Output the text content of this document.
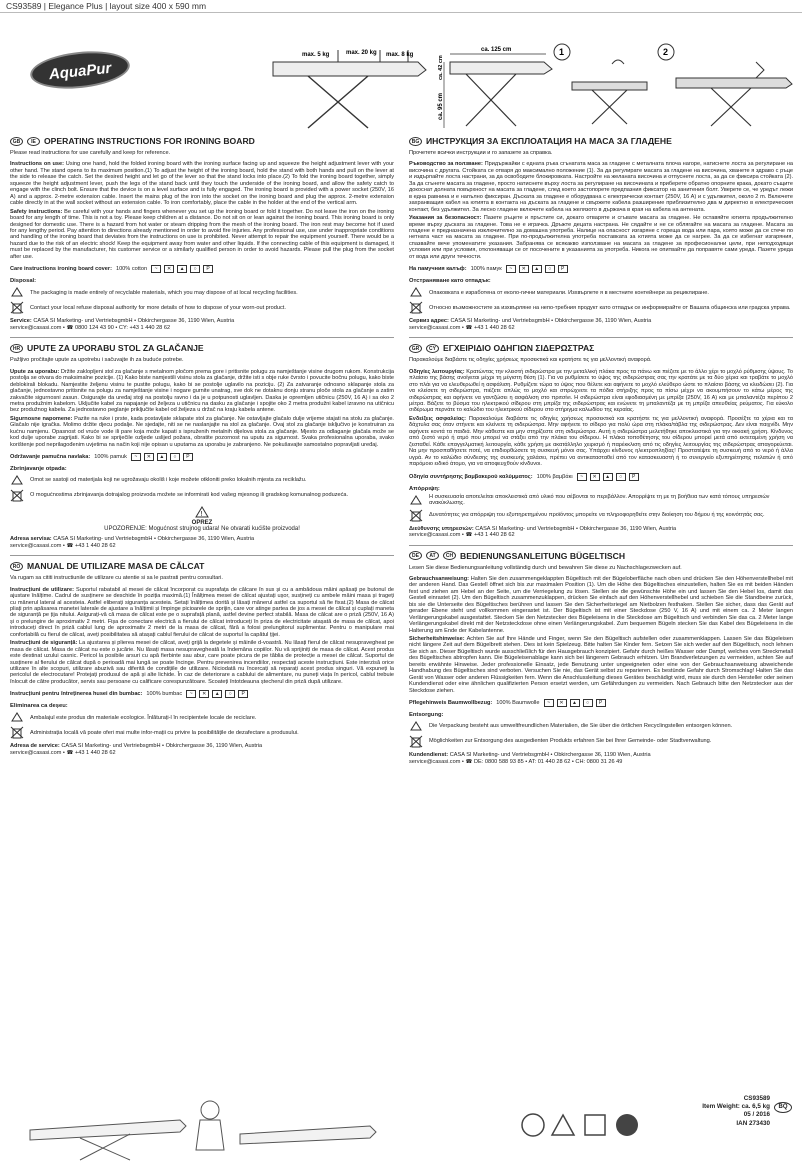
CS93589 | Elegance Plus | layout size 400 x 590 mm
AquaPur
max. 5 kg	max. 20 kg max. 8 kg
ca. 125 cm
ca. 42 cm
ca. 95 cm
1	2
GB	IE OPERATING INSTRUCTIONS FOR IRONING BOARD

Please read instructions for use carefully and keep for reference.

Instructions on use: Using one hand, hold the folded ironing board with the ironing surface facing up and squeeze the height adjustment lever with your other hand. The stand opens to its maximum position.(1) To adjust the height of the ironing board, hold the stand with both hands and pull on the lever at the side to release the catch. Set the desired height and let go of the lever so that the stand locks into place.(2) To fold the ironing board together, simply squeeze the height adjustment lever, push the legs of the stand back until they touch the underside of the ironing board, and allow the safety catch to engage with the clinch bolt. Ensure that the device is on a level surface and is fully engaged. The ironing board is provided with a power socket (250V, 16 A) and a approx. 2-metre extension cable. Insert the mains plug of the iron into the socket on the ironing board and plug the approx. 2-metre extension cable directly in at the wall socket without an extension cable. To iron comfortably, place the cable in the holder at the end of the vertical arm.

Safety instructions: Be careful with your hands and fingers whenever you set up the ironing board or fold it together. Do not leave the iron on the ironing board for any length of time. This is not a toy. Please keep children at a distance. Do not sit on or lean against the ironing board. This ironing board is only designed for domestic use. There is a hazard from hot water or steam dripping from the mesh of the ironing board. The iron rest may become hot if used for any lengthy period. Pay attention to directions already mentioned in order to avoid fire injuries. Any professional use, use under inappropriate conditions and handling of the ironing board that deviates from the instructions on use is prohibited. Never attempt to repair the equipment yourself. There would be a hazard due to the risk of an electric shock! Keep the equipment away from water and other liquids. If the connecting cable of this equipment is damaged, it must be replaced by the manufacturer, his customer service or a similarly qualified person in order to avoid hazards. Please pull the plug from the socket after use.

Care instructions ironing board cover: 100% cotton	~	✕	▲	○	P
Disposal:
The packaging is made entirely of recyclable materials, which you may dispose of at local recycling facilities.
Contact your local refuse disposal authority for more details of how to dispose of your worn-out product.
Service: CASA SI Marketing- und VertriebsgmbH • Obkirchergasse 36, 1190 Wien, Austria
service@casasi.com • ☎ 0800 124 43 90 • CY: +43 1 440 28 62
HR UPUTE ZA UPORABU STOL ZA GLAČANJE

Pažljivo pročitajte upute za upotrebu i sačuvajte ih za buduće potrebe.

Upute za uporabu: Držite zaklopljeni stol za glačanje s metalnom pločom prema gore i pritisnite polugu za namještanje visine drugom rukom. Konstrukcija postolja se otvara do maksimalne pozicije. (1) Kako biste namjestili visinu stola za glačanje, držite isti s obje ruke čvrsto i povucite bočnu polugu, kako biste deblokirali blokadu. Namjestite željenu visinu te pustite polugu, kako bi se postolje uglavilo na poziciju. (2) Za zatvaranje odnosno sklapanje stola za glačanje, jednostavno pritisnite na polugu za namještanje visine i nogare gurnite unatrag, sve dok ne dotaknu donju stranu ploče stola za glačanje a zatim zakvačite sigurnosni zasun. Osigurajte da uređaj stoji na postolju ravno i da je u potpunosti uglavljen. Daska je opremljen utičnicu (250V, 16 A) i sa oko 2 metra produžnim kabelom. Uključite kabel za napajanje od željeza u utičnicu na dasku za glačanje i spojite oko 2 metra produžni kabel izravno na utičnicu bez produžnog kabela. Za jednostavno peglanje priključite kabel od željeza u držač na kraju kabela antene.

Sigurnosne napomene: Pazite na ruke i prste, kada postavljate sklapate stol za glačanje. Ne ostavljajte glačalo dulje vrijeme stajati na stolu za glačanje. Glačalo nije igračka. Molimo držite djecu podalje. Ne sjedajte, niti se ne naslanjajte na stol za glačanje. Ovaj stol za glačanje isključivo je konstruiran za kućnu namjenu. Opasnost od vruće vode ili pare koja može kapati s ispruženih metalnih dijelova stola za glačanje. Mjesto za odlaganje glačala može se kod dulje uporabe zagrijati. Kako bi se spriječile ozljede uslijed požara, obratite pozornost na uputu za sigurnost. Svaka profesionalna uporaba, svako korištenje pod neprilagođenim uvjetima na način koji nije opisan u uputama za uporabu je zabranjeno. Ne pokušavajte samostalno popravljati uređaj.

Održavanje pamučna navlaka: 100% pamuk	~	✕	▲	○	P
Zbrinjavanje otpada:
Omot se sastoji od materijala koji ne ugrožavaju okoliš i koje možete otkloniti preko lokalnih mjesta za reciklažu.
O mogućnostima zbrinjavanja dotrajalog proizvoda možete se informirati kod vašeg mjesnog ili gradskog komunalnog poduzeća.
!
OPREZ
UPOZORENJE: Mogućnost strujnog udara! Ne otvarati kućište proizvoda!
Adresa servisa: CASA SI Marketing- und VertriebsgmbH • Obkirchergasse 36, 1190 Wien, Austria
service@casasi.com • ☎ +43 1 440 28 62
RO MANUAL DE UTILIZARE MASA DE CĂLCAT

Va rugam sa cititi instructiunile de utilizare cu atentie si sa le pastrati pentru consultari.

Instrucțiuni de utilizare: Suportul rabatabil al mesei de călcat încorporat cu suprafața de călcare în sus și cu a ambădoua mâini apăsați pe butonul de ajustare înălțime. Cadrul de susținere se deschide în poziția maximă.(1) Înălțimea mesei de călcat ajustați ușor, susțineți cu ambele mâini masa și trageți cu mânerul lateral al acesteia. Astfel eliberați siguranța acesteia. Setați înălțimea dorită și lăsați mânerul astfel ca suportul să fie fixat.(2) Masa de călcat pliați prin apăsarea manetei laterale de ajustare a înălțimii și împinge picioarele de sprijin, care vor atinge partea de jos a mesei de călcat și cuplați maneta de siguranță pe țija nitului. Asigurați-vă că masa de călcat este pe o suprafață plană, astfel devine perfect stabilă. Masa de călcat are o priză (250V, 16 A) și o prelungire de aproximativ 2 metri. Fișa de conectare electrică a fierului de călcat introduceți în priza de electricitate atașată de masa de călcat, apoi introduceți direct în priză cablul lung de aproximativ 2 metri de la masa de călcat, fără a folosi prelungitorul suplimentar. Pentru o manipulare mai confortabilă cu fierul de călcat, aveți posibilitatea să atașați cablul fierului de călcat de suportul la capătul țijei.

Instrucțiuni de siguranță: La ajustarea și plierea mesei de călcat, aveți grijă la degetele și mâinile d-voastră. Nu lăsați fierul de călcat nesupravegheat pe masa de călcat. Masa de călcat nu este o jucărie. Nu lăsați masa nesupravegheată la îndemâna copiilor. Nu vă sprijiniți de masa de călcat. Acest produs este destinat uzului casnic. Pericol la posibile arsuri cu apă fierbinte sau abur, care poate picura de pe tăblia de protecție a mesei de călcat. Suportul de susținere al fierului de călcat după o perioadă mai lungă se poate încinge. Pentru prevenirea incendiilor, respectați aceste instrucțiuni. Este interzisă orice utilizare în alte scopuri, utilizare abuzivă sau diferită de condițiile de utilizare. Niciodată nu încercați să reparați acest produs singuri. Vă expuneți la pericolul de electrocutare! Protejați produsul de apă și alte lichide. În caz de deteriorare a cablului de alimentare, nu puneți viața în pericol, cablul trebuie înlocuit de către producător, servis sau persoane cu calificare corespunzătoare. Scoateți întotdeauna ștecherul din priză după utilizare.

Instrucțiuni pentru întreținerea husei din bumbac: 100% bumbac	~	✕	▲	○	P
Eliminarea ca deșeu:
Ambalajul este produs din materiale ecologice. Înlăturați-l în recipientele locale de reciclare.
Administrația locală vă poate oferi mai multe infor-mații cu privire la posibilitățile de dezafectare a produsului.
Adresa de service: CASA SI Marketing- und VertriebsgmbH • Obkirchergasse 36, 1190 Wien, Austria
service@casasi.com • ☎ +43 1 440 28 62
BG ИНСТРУКЦИЯ ЗА ЕКСПЛОАТАЦИЯ НА МАСА ЗА ГЛАДЕНЕ

Прочетете всички инструкции и го запазете за справка.

Ръководство за ползване: Придържайки с едната ръка сгънатата маса за гладене с металната плоча нагоре, натиснете лоста за регулиране на височина с другата. Стойката се отваря до максимално положение (1). За да регулирате масата за гладене на височина, хванете я здраво с ръце и издърпайте лоста настрани, за да освободите блокировката. Настройте на желаната височина и отпуснете лоста, за да се фиксира стойката (2). За да сгънете масата за гладене, просто натиснете върху лоста за регулиране на височината и приберете обратно опорните крака, докато същите докоснат долната повърхност на масата за гладене, след което застопорете предпазния фиксатор на занитения болт. Уверете се, че уредът лежи в една равнина и е напълно фиксиран. Дъската за гладене е оборудвана с електрически контакт (250V, 16 A) и с удължител, около 2 m. Включете захранващия кабел на ютията в контакта на дъската за гладене и свържете кабела разширение приблизително два м директно в електрическия контакт, без удължител. За лесно гладене включете кабела на желязото в държача в края на кабела на антената.

Указания за безопасност: Пазете ръцете и пръстите си, докато отваряте и сгъвате масата за гладене. Не оставяйте ютията продължително време върху дъската за гладене. Това не е играчка. Дръжте децата настрана. Не сядайте и не се облягайте на масата за гладене. Масата за гладене е предназначена изключително за домашна употреба. Налице на опасност изгаряне с гореща вода или пара, която може да се стече по нетната част на масата за гладене. При по-продължителна употреба поставката за ютията може да се нагрее. За да се избегнат изгаряния, спазвайте вече упоменатите указания. Забранява се всякакво използване на масата за гладене за професионални цели, при неподходящи условия или при условия, отклоняващи се от посочените в указанията за употреба. Никога не опитвайте да поправяте сами уреда. Пазете уреда от вода или други течности.

На памучния калъф: 100% памук	~	✕	▲	○	P
Отстраняване като отпадък:
Опаковката е изработена от еколо-гични материали. Изхвърлете я в местните контейнери за рециклиране.
Относно възможностите за изхвърляне на непо-требния продукт като отпадък се информирайте от Вашата общинска или градска управа.
Сервиз адрес: CASA SI Marketing- und VertriebsgmbH • Obkirchergasse 36, 1190 Wien, Austria
service@casasi.com • ☎ +43 1 440 28 62
GR	CY ΕΓΧΕΙΡΙΔΙΟ ΟΔΗΓΙΩΝ ΣΙΔΕΡΩΣΤΡΑΣ

Παρακαλούμε διαβάστε τις οδηγίες χρήσεως προσεκτικά και κρατήστε τις για μελλοντική αναφορά.

Οδηγίες λειτουργίας: Κρατώντας την κλειστή σιδερώστρα με την μεταλλική πλάκα προς τα πάνω και πιέζετε με το άλλο χέρι το μοχλό ρύθμισης ύψους. Το πλαίσιο της βάσης ανοίγεται μέχρι τη μέγιστη θέση (1). Για να ρυθμίσετε το ύψος της σιδερώστρας σας την κρατάτε με τα δύο χέρια και τραβάτε το μοχλό στο πλάι για να ελευθερωθεί η ασφάλιση. Ρυθμίζετε τώρα το ύψος που θέλετε και αφήνετε το μοχλό ελεύθερο ώστε το πλαίσιο βάσης να κλειδώσει (2). Για να κλείσετε τη σιδερώστρα, πιέζετε απλώς το μοχλό και σπρώχνετε τα πόδια στήριξης προς τα πίσω μέχρι να ακουμπήσουν το κάτω μέρος της σιδερώστρας και αφήνετε να γαντζώσει η ασφάλιση στο πριτσίνι. Η σιδερώστρα είναι εφοδιασμένη με μπρίζα (250V, 16 A) και με μπαλαντέζα περίπου 2 μέτρα. Βάζετε το βύσμα του ηλεκτρικού σίδερου στη μπρίζα της σιδερώστρας και ενώνετε τη μπαλαντέζα με τη μπρίζα απευθείας ρεύματος. Για εύκολο σιδέρωμα περνάτε το καλώδιο του ηλεκτρικού σίδερου στο στήριγμα καλωδίου της κεραίας.

Ενδείξεις ασφαλείας: Παρακαλούμε διαβάστε τις οδηγίες χρήσεως προσεκτικά και κρατήστε τις για μελλοντική αναφορά. Προσέξτε τα χέρια και τα δάχτυλα σας όταν στήνετε και κλείνετε τη σιδερώστρα. Μην αφήνετε το σίδερο για πολύ ώρα στη πλάκα/τάβλα της σιδερώστρας. Δεν είναι παιχνίδι. Μην αφήνετε κοντά τα παιδιά. Μην κάθεστε και μην στηρίζεστε στη σιδερώστρα. Αυτή η σιδερώστρα μελετήθηκε αποκλειστικά για την οικιακή χρήση. Κίνδυνος από ζεστό νερό ή ατμό που μπορεί να στάξει από την πλάκα του σίδερου. Η πλάκα τοποθέτησης του σίδερου μπορεί μετά από εκτεταμένη χρήση να ζεσταθεί. Κάθε επαγγελματική λειτουργία, κάθε χρήση με ακατάλληλο χειρισμό ή παρέκκλιση από τις οδηγίες λειτουργίας της σιδερώστρας απαγορεύεται. Να μην προσπαθήσετε ποτέ, να επιδιορθώσετε τη συσκευή μόνοι σας. Υπάρχει κίνδυνος ηλεκτροπληξίας! Προστατέψτε τη συσκευή από το νερό ή άλλα υγρά. Αν το καλώδιο σύνδεσης της συσκευής χαλάσει, πρέπει να αντικατασταθεί από τον κατασκευαστή ή το συνεργείο εξυπηρέτησης πελατών ή από παρόμοιο ειδικό άτομο, για να αποφευχθούν κίνδυνοι.

Οδηγία συντήρησης βαμβακερού καλύμματος: 100% βαμβάκι	~	✕	▲	○	P
Απόρριψη:
Η συσκευασία αποτελείται αποκλειστικά από υλικό που σέβονται το περιβάλλον. Απορρίψτε τη με τη βοήθεια των κατά τόπους υπηρεσιών ανακύκλωσης.
Δυνατότητες για απόρριψη του εξυπηρετημένου προϊόντος μπορείτε να πληροφορηθείτε στην διοίκηση του δήμου ή της κοινότητάς σας.
Διεύθυνσης υπηρεσιών: CASA SI Marketing- und VertriebsgmbH • Obkirchergasse 36, 1190 Wien, Austria
service@casasi.com • ☎ +43 1 440 28 62
DE	AT	CH BEDIENUNGSANLEITUNG BÜGELTISCH

Lesen Sie diese Bedienungsanleitung vollständig durch und bewahren Sie diese zu Nachschlagezwecken auf.

Gebrauchsanweisung: Halten Sie den zusammengeklappten Bügeltisch mit der Bügeloberfläche nach oben und drücken Sie den Höhenverstellhebel mit der anderen Hand. Das Gestell öffnet sich bis zur maximalen Position (1). Um die Höhe des Bügeltisches einzustellen, halten Sie es mit beiden Händen fest und ziehen am Hebel an der Seite, um die Verriegelung zu lösen. Stellen sie die gewünschte Höhe ein und lassen Sie den Hebel los, damit das Gestell einrastet (2). Um den Bügeltisch zusammenzuklappen, drücken Sie einfach auf den Höhenverstellhebel und schieben Sie die Standbeine zurück, bis sie die Unterseite des Bügeltisches berühren und lassen Sie den Sicherheitsriegel am Nietbolzen festhaken. Stellen Sie sicher, dass das Gerät auf gerader Ebene steht und vollkommen eingerastet ist. Der Bügeltisch ist mit einer Steckdose (250 V, 16 A) und mit einem ca. 2 Meter langen Verlängerungskabel ausgestattet. Stecken Sie den Netzstecker des Bügeleisens in die Steckdose am Bügeltisch und verbinden Sie das ca. 2 Meter lange Verlängerungskabel direkt mit der Netzsteckdose ohne einen Verlängerungskabel. Zum bequemen Bügeln stecken Sie das Kabel des Bügeleisens in die Halterung am Ende der Kabelantenne.

Sicherheitshinweise: Achten Sie auf Ihre Hände und Finger, wenn Sie den Bügeltisch aufstellen oder zusammenklappen. Lassen Sie das Bügeleisen nicht längere Zeit auf dem Bügelbrett stehen. Dies ist kein Spielzeug. Bitte halten Sie Kinder fern. Setzen Sie sich weder auf den Bügeltisch, noch lehnen Sie sich an. Dieser Bügeltisch wurde ausschließlich für den Hausgebrauch konzipiert. Gefahr durch heißes Wasser oder Dampf, welches vom Streckmetall des Bügeltisches abtropfen kann. Die Bügeleisenablage kann sich bei längerem Gebrauch erhitzen. Um Brandverletzungen zu vermeiden, achten Sie auf bereits erwähnte Hinweise. Jeder professionelle Einsatz, jede Benutzung unter ungeeigneten oder eine von der Gebrauchsanweisung abweichende Handhabung des Bügeltisches sind verboten. Versuchen Sie nie, das Gerät selbst zu reparieren. Es bestünde Gefahr durch Stromschlag! Halten Sie das Gerät von Wasser oder anderen Flüssigkeiten fern. Wenn die Anschlussleitung dieses Gerätes beschädigt wird, muss sie durch den Hersteller oder seinen Kundendienst oder eine ähnlichen qualifizierten Person ersetzt werden, um Gefährdungen zu vermeiden. Nach Gebrauch bitte den Netzstecker aus der Steckdose ziehen.

Pflegehinweis Baumwollbezug: 100% Baumwolle	~	✕	▲	○	P
Entsorgung:
Die Verpackung besteht aus umweltfreundlichen Materialien, die Sie über die örtlichen Recyclingstellen entsorgen können.
Möglichkeiten zur Entsorgung des ausgedienten Produkts erfahren Sie bei Ihrer Gemeinde- oder Stadtverwaltung.
Kundendienst: CASA SI Marketing- und VertriebsgmbH • Obkirchergasse 36, 1190 Wien, Austria
service@casasi.com • ☎ DE: 0800 588 93 85 • AT: 01 440 28 62 • CH: 0800 31 26 49
CS93589
Item Weight: ca. 6,5 kg
05 / 2016
IAN 273430
BQ
